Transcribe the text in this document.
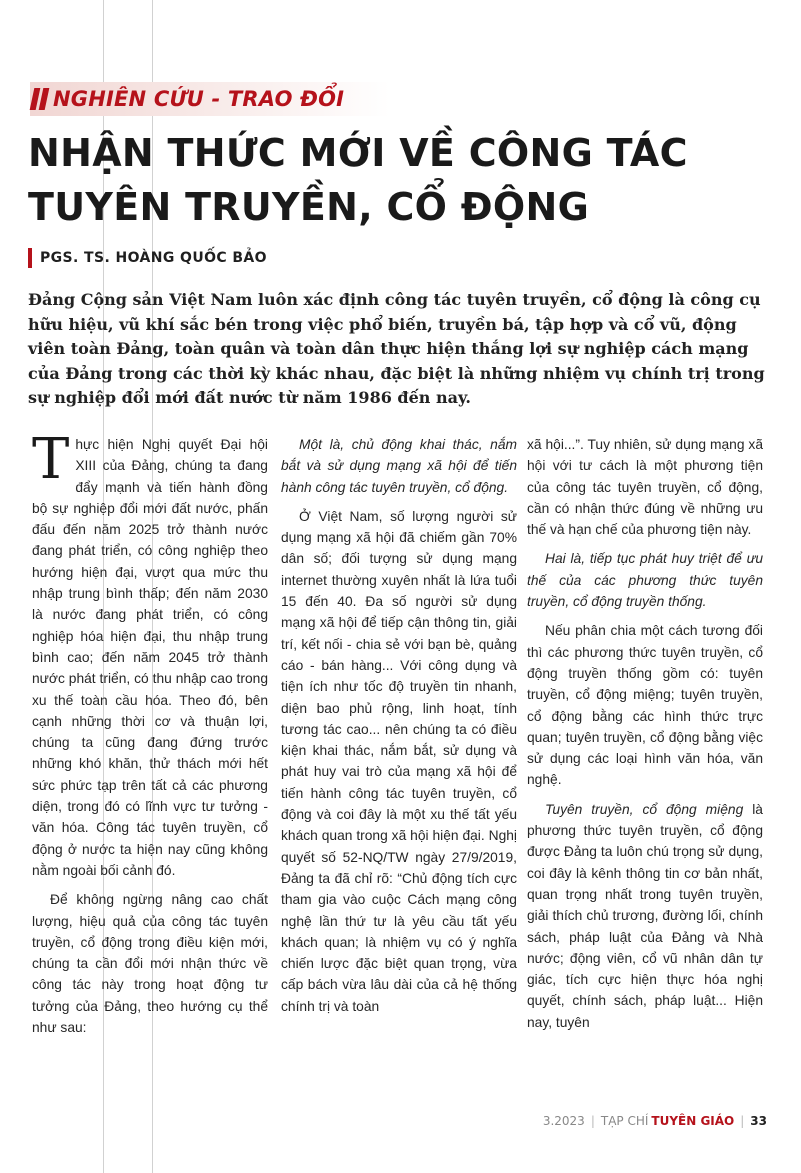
NGHIÊN CỨU - TRAO ĐỔI
NHẬN THỨC MỚI VỀ CÔNG TÁC
TUYÊN TRUYỀN, CỔ ĐỘNG
PGS. TS. HOÀNG QUỐC BẢO

Đảng Cộng sản Việt Nam luôn xác định công tác tuyên truyền, cổ động là công cụ hữu hiệu, vũ khí sắc bén trong việc phổ biến, truyền bá, tập hợp và cổ vũ, động viên toàn Đảng, toàn quân và toàn dân thực hiện thắng lợi sự nghiệp cách mạng của Đảng trong các thời kỳ khác nhau, đặc biệt là những nhiệm vụ chính trị trong sự nghiệp đổi mới đất nước từ năm 1986 đến nay.

Thực hiện Nghị quyết Đại hội XIII của Đảng, chúng ta đang đẩy mạnh và tiến hành đồng bộ sự nghiệp đổi mới đất nước, phấn đấu đến năm 2025 trở thành nước đang phát triển, có công nghiệp theo hướng hiện đại, vượt qua mức thu nhập trung bình thấp; đến năm 2030 là nước đang phát triển, có công nghiệp hóa hiện đại, thu nhập trung bình cao; đến năm 2045 trở thành nước phát triển, có thu nhập cao trong xu thế toàn cầu hóa. Theo đó, bên cạnh những thời cơ và thuận lợi, chúng ta cũng đang đứng trước những khó khăn, thử thách mới hết sức phức tạp trên tất cả các phương diện, trong đó có lĩnh vực tư tưởng - văn hóa. Công tác tuyên truyền, cổ động ở nước ta hiện nay cũng không nằm ngoài bối cảnh đó.

Để không ngừng nâng cao chất lượng, hiệu quả của công tác tuyên truyền, cổ động trong điều kiện mới, chúng ta cần đổi mới nhận thức về công tác này trong hoạt động tư tưởng của Đảng, theo hướng cụ thể như sau:

Một là, chủ động khai thác, nắm bắt và sử dụng mạng xã hội để tiến hành công tác tuyên truyền, cổ động.

Ở Việt Nam, số lượng người sử dụng mạng xã hội đã chiếm gần 70% dân số; đối tượng sử dụng mạng internet thường xuyên nhất là lứa tuổi 15 đến 40. Đa số người sử dụng mạng xã hội để tiếp cận thông tin, giải trí, kết nối - chia sẻ với bạn bè, quảng cáo - bán hàng... Với công dụng và tiện ích như tốc độ truyền tin nhanh, diện bao phủ rộng, linh hoạt, tính tương tác cao... nên chúng ta có điều kiện khai thác, nắm bắt, sử dụng và phát huy vai trò của mạng xã hội để tiến hành công tác tuyên truyền, cổ động và coi đây là một xu thế tất yếu khách quan trong xã hội hiện đại. Nghị quyết số 52-NQ/TW ngày 27/9/2019, Đảng ta đã chỉ rõ: “Chủ động tích cực tham gia vào cuộc Cách mạng công nghệ lần thứ tư là yêu cầu tất yếu khách quan; là nhiệm vụ có ý nghĩa chiến lược đặc biệt quan trọng, vừa cấp bách vừa lâu dài của cả hệ thống chính trị và toàn

xã hội...”. Tuy nhiên, sử dụng mạng xã hội với tư cách là một phương tiện của công tác tuyên truyền, cổ động, cần có nhận thức đúng về những ưu thế và hạn chế của phương tiện này.

Hai là, tiếp tục phát huy triệt để ưu thế của các phương thức tuyên truyền, cổ động truyền thống.

Nếu phân chia một cách tương đối thì các phương thức tuyên truyền, cổ động truyền thống gồm có: tuyên truyền, cổ động miệng; tuyên truyền, cổ động bằng các hình thức trực quan; tuyên truyền, cổ động bằng việc sử dụng các loại hình văn hóa, văn nghệ.

Tuyên truyền, cổ động miệng là phương thức tuyên truyền, cổ động được Đảng ta luôn chú trọng sử dụng, coi đây là kênh thông tin cơ bản nhất, quan trọng nhất trong tuyên truyền, giải thích chủ trương, đường lối, chính sách, pháp luật của Đảng và Nhà nước; động viên, cổ vũ nhân dân tự giác, tích cực hiện thực hóa nghị quyết, chính sách, pháp luật... Hiện nay, tuyên

3.2023 | TẠP CHÍ TUYÊN GIÁO | 33
